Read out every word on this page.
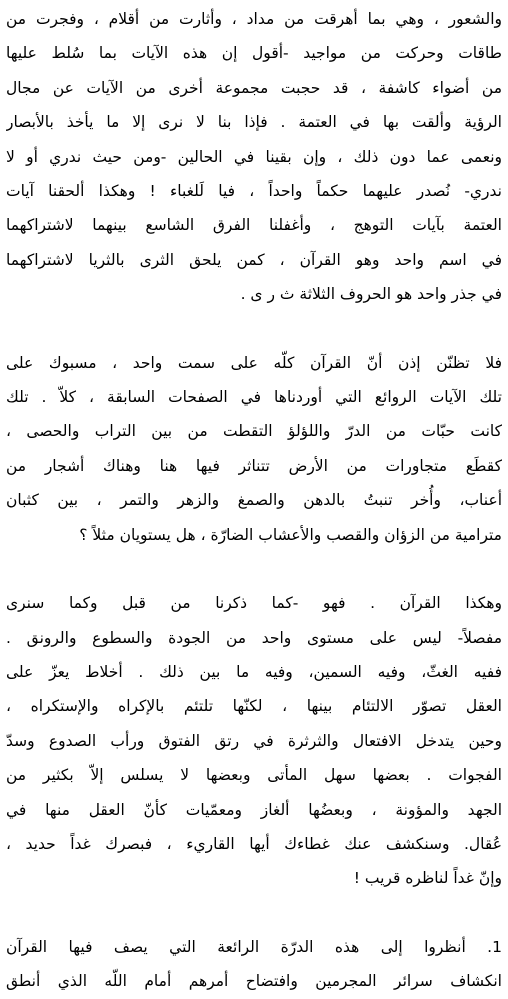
والشعور ، وهي بما أهرقت من مداد ، وأثارت من أقلام ، وفجرت من
طاقات وحركت من مواجيد -أقول إن هذه الآيات بما سُلط عليها
من أضواء كاشفة ، قد حجبت مجموعة أخرى من الآيات عن مجال
الرؤية وألقت بها في العتمة . فإذا بنا لا نرى إلا ما يأخذ بالأبصار
ونعمى عما دون ذلك ، وإن بقينا في الحالين -ومن حيث ندري أو لا
ندري- نُصدر عليهما حكماً واحداً ، فيا لَلغباء ! وهكذا ألحقنا آيات
العتمة بآيات التوهج ، وأغفلنا الفرق الشاسع بينهما لاشتراكهما
في اسم واحد وهو القرآن ، كمن يلحق الثرى بالثريا لاشتراكهما
في جذر واحد هو الحروف الثلاثة ث ر ى .

فلا تظنّن إذن أنّ القرآن كلّه على سمت واحد ، مسبوك على
تلك الآيات الروائع التي أوردناها في الصفحات السابقة ، كلاّ . تلك
كانت حبّات من الدرّ واللؤلؤ التقطت من بين التراب والحصى ،
كقطَع متجاورات من الأرض تتناثر فيها هنا وهناك أشجار من
أعناب، وأُخر تنبتُ بالدهن والصمغ والزهر والتمر ، بين كثبان
مترامية من الزؤان والقصب والأعشاب الضارّة ، هل يستويان مثلاً ؟

وهكذا القرآن . فهو -كما ذكرنا من قبل وكما سنرى
مفصلاً- ليس على مستوى واحد من الجودة والسطوع والرونق .
ففيه الغثّ، وفيه السمين، وفيه ما بين ذلك . أخلاط يعزّ على
العقل تصوّر الالتئام بينها ، لكنّها تلتئم بالإكراه والإستكراه ،
وحين يتدخل الافتعال والثرثرة في رتق الفتوق ورأب الصدوع وسدّ
الفجوات . بعضها سهل المأتى وبعضها لا يسلس إلاّ بكثير من
الجهد والمؤونة ، وبعضُها ألغاز ومعمّيات كأنّ العقل منها في
عُقال. وسنكشف عنك غطاءك أيها القاريء ، فبصرك غداً حديد ،
وإنّ غداً لناظره قريب !

1. أنظروا إلى هذه الدرّة الرائعة التي يصف فيها القرآن
انكشاف سرائر المجرمين وافتضاح أمرهم أمام اللّه الذي أنطق
